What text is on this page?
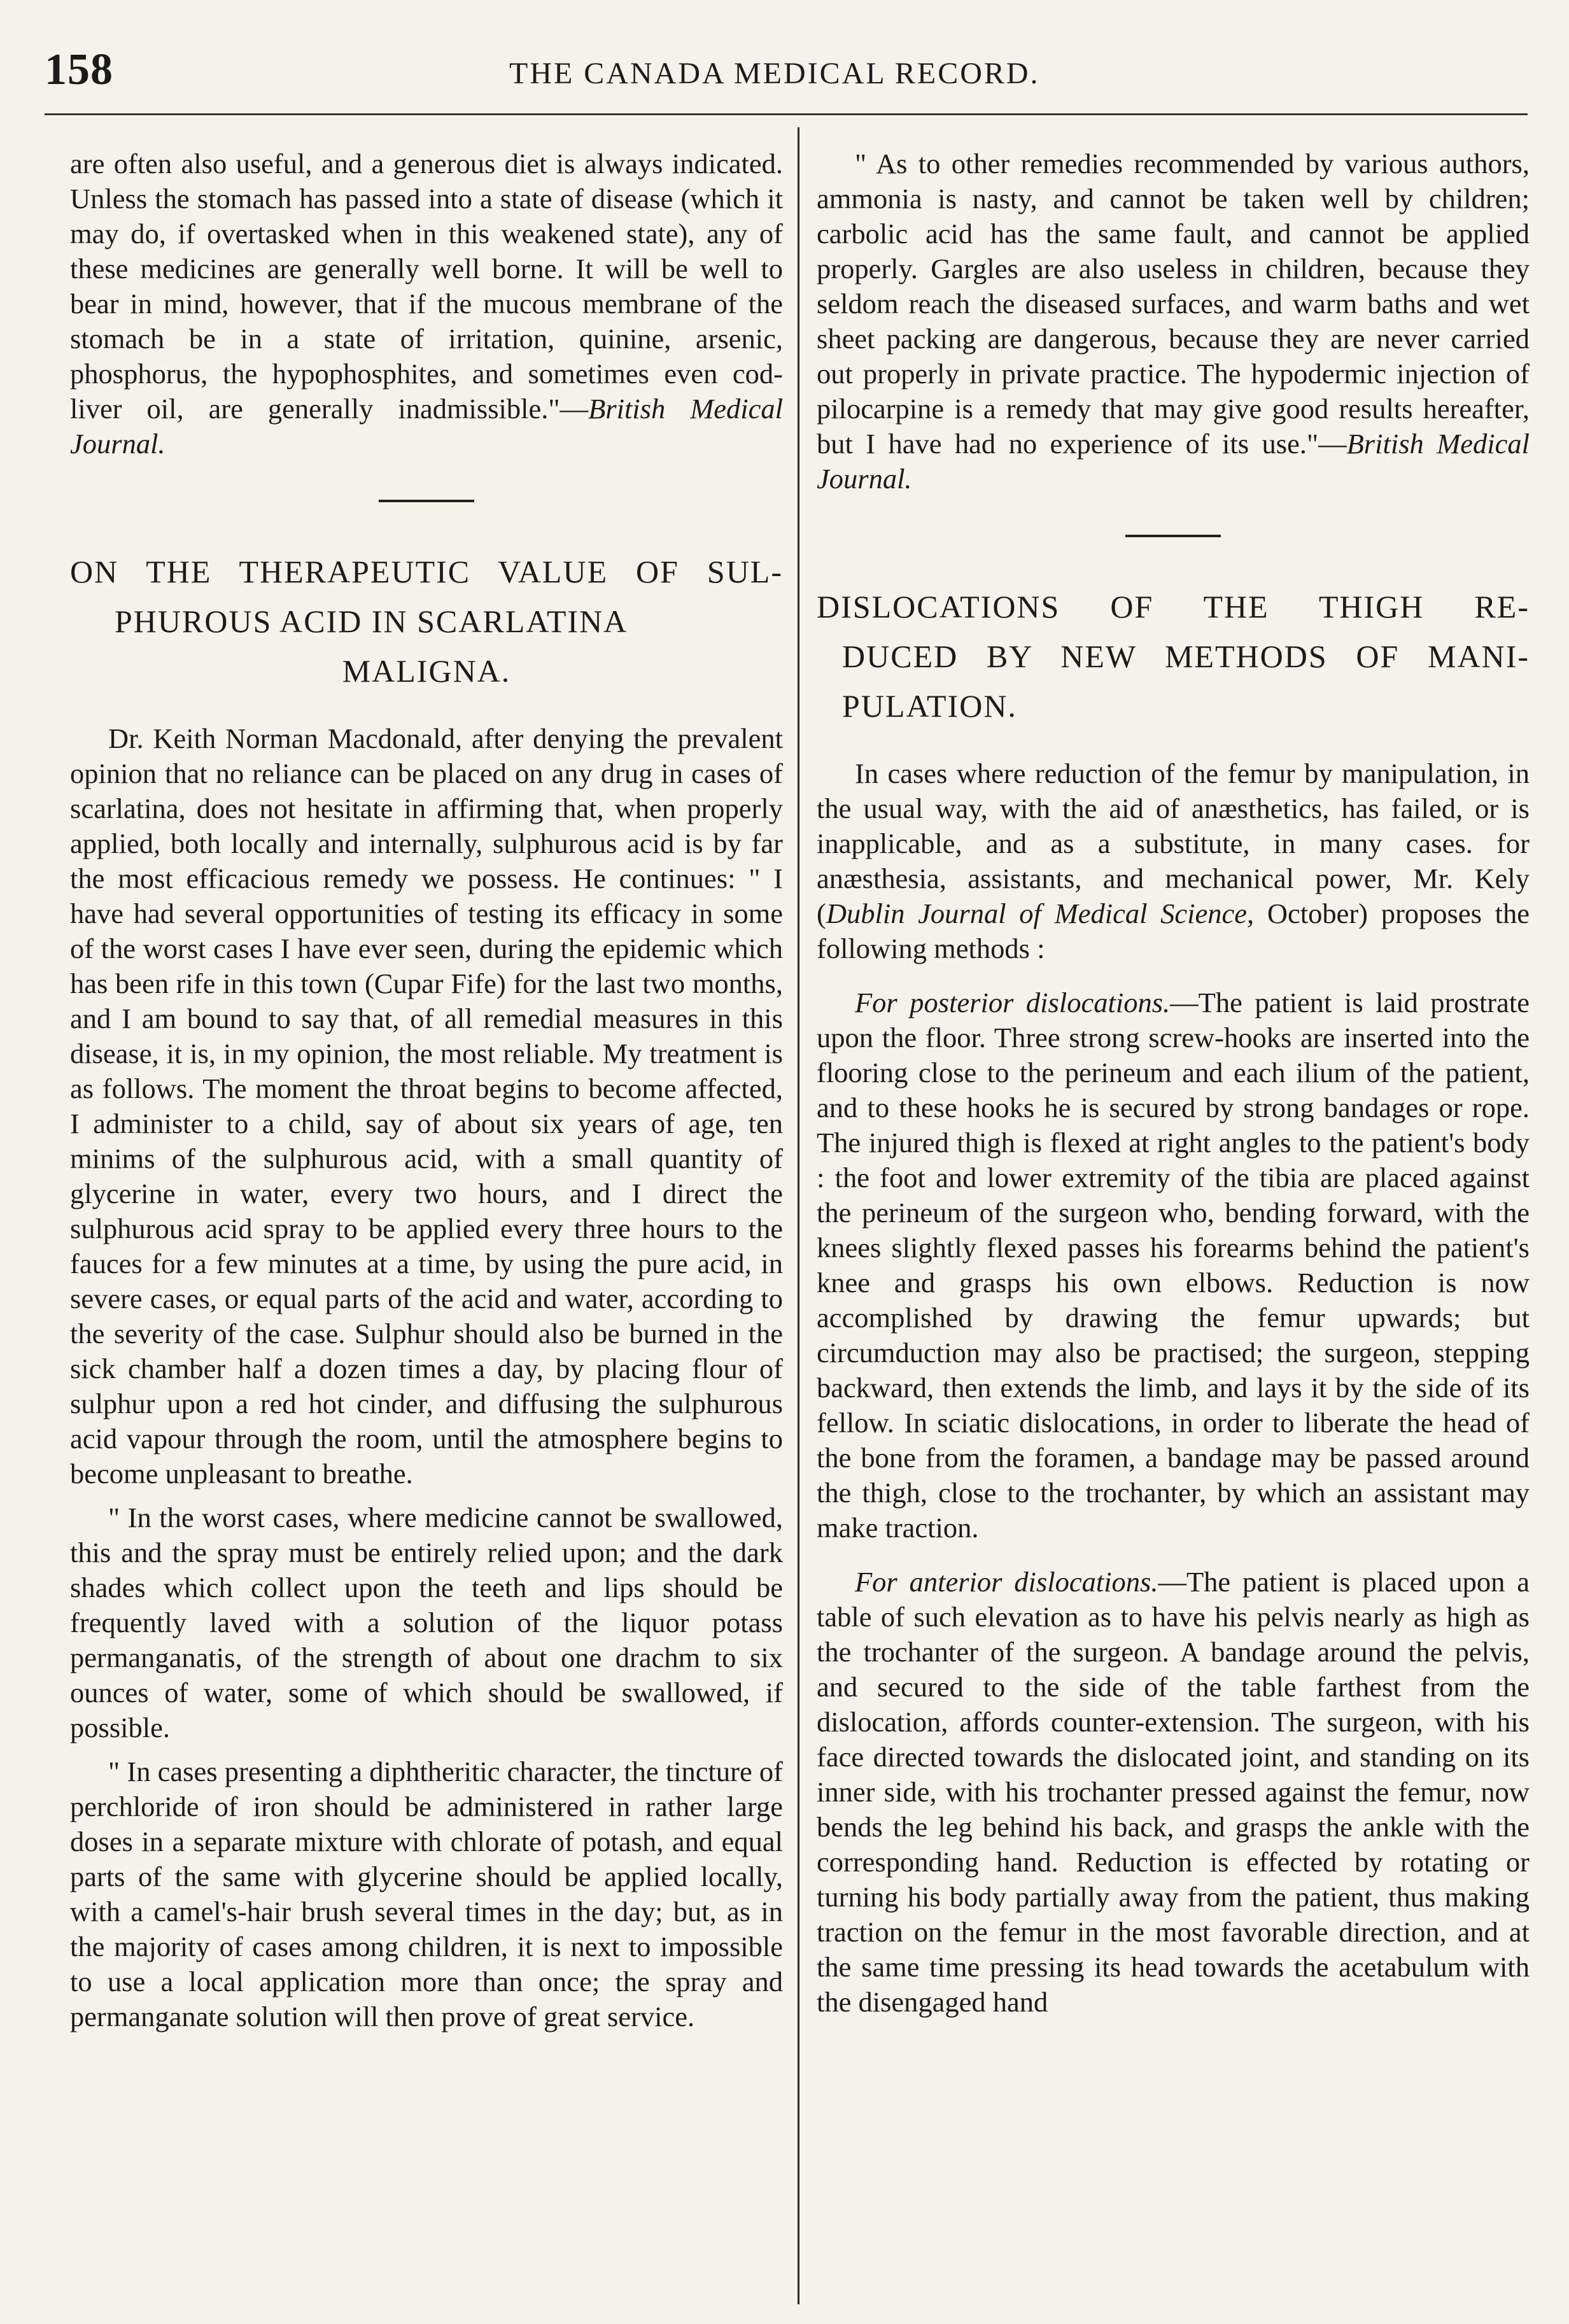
158	THE CANADA MEDICAL RECORD.

are often also useful, and a generous diet is always indicated. Unless the stomach has passed into a state of disease (which it may do, if overtasked when in this weakened state), any of these medicines are generally well borne. It will be well to bear in mind, however, that if the mucous membrane of the stomach be in a state of irritation, quinine, arsenic, phosphorus, the hypophosphites, and sometimes even cod-liver oil, are generally inadmissible."—British Medical Journal.

ON THE THERAPEUTIC VALUE OF SUL-
PHUROUS ACID IN SCARLATINA
MALIGNA.

Dr. Keith Norman Macdonald, after denying the prevalent opinion that no reliance can be placed on any drug in cases of scarlatina, does not hesitate in affirming that, when properly applied, both locally and internally, sulphurous acid is by far the most efficacious remedy we possess. He continues: " I have had several opportunities of testing its efficacy in some of the worst cases I have ever seen, during the epidemic which has been rife in this town (Cupar Fife) for the last two months, and I am bound to say that, of all remedial measures in this disease, it is, in my opinion, the most reliable. My treatment is as follows. The moment the throat begins to become affected, I administer to a child, say of about six years of age, ten minims of the sulphurous acid, with a small quantity of glycerine in water, every two hours, and I direct the sulphurous acid spray to be applied every three hours to the fauces for a few minutes at a time, by using the pure acid, in severe cases, or equal parts of the acid and water, according to the severity of the case. Sulphur should also be burned in the sick chamber half a dozen times a day, by placing flour of sulphur upon a red hot cinder, and diffusing the sulphurous acid vapour through the room, until the atmosphere begins to become unpleasant to breathe.

" In the worst cases, where medicine cannot be swallowed, this and the spray must be entirely relied upon; and the dark shades which collect upon the teeth and lips should be frequently laved with a solution of the liquor potass permanganatis, of the strength of about one drachm to six ounces of water, some of which should be swallowed, if possible.

" In cases presenting a diphtheritic character, the tincture of perchloride of iron should be administered in rather large doses in a separate mixture with chlorate of potash, and equal parts of the same with glycerine should be applied locally, with a camel's-hair brush several times in the day; but, as in the majority of cases among children, it is next to impossible to use a local application more than once; the spray and permanganate solution will then prove of great service.

" As to other remedies recommended by various authors, ammonia is nasty, and cannot be taken well by children; carbolic acid has the same fault, and cannot be applied properly. Gargles are also useless in children, because they seldom reach the diseased surfaces, and warm baths and wet sheet packing are dangerous, because they are never carried out properly in private practice. The hypodermic injection of pilocarpine is a remedy that may give good results hereafter, but I have had no experience of its use."—British Medical Journal.

DISLOCATIONS OF THE THIGH RE-
DUCED BY NEW METHODS OF MANI-
PULATION.

In cases where reduction of the femur by manipulation, in the usual way, with the aid of anæsthetics, has failed, or is inapplicable, and as a substitute, in many cases. for anæsthesia, assistants, and mechanical power, Mr. Kely (Dublin Journal of Medical Science, October) proposes the following methods :

For posterior dislocations.—The patient is laid prostrate upon the floor. Three strong screw-hooks are inserted into the flooring close to the perineum and each ilium of the patient, and to these hooks he is secured by strong bandages or rope. The injured thigh is flexed at right angles to the patient's body : the foot and lower extremity of the tibia are placed against the perineum of the surgeon who, bending forward, with the knees slightly flexed passes his forearms behind the patient's knee and grasps his own elbows. Reduction is now accomplished by drawing the femur upwards; but circumduction may also be practised; the surgeon, stepping backward, then extends the limb, and lays it by the side of its fellow. In sciatic dislocations, in order to liberate the head of the bone from the foramen, a bandage may be passed around the thigh, close to the trochanter, by which an assistant may make traction.

For anterior dislocations.—The patient is placed upon a table of such elevation as to have his pelvis nearly as high as the trochanter of the surgeon. A bandage around the pelvis, and secured to the side of the table farthest from the dislocation, affords counter-extension. The surgeon, with his face directed towards the dislocated joint, and standing on its inner side, with his trochanter pressed against the femur, now bends the leg behind his back, and grasps the ankle with the corresponding hand. Reduction is effected by rotating or turning his body partially away from the patient, thus making traction on the femur in the most favorable direction, and at the same time pressing its head towards the acetabulum with the disengaged hand
